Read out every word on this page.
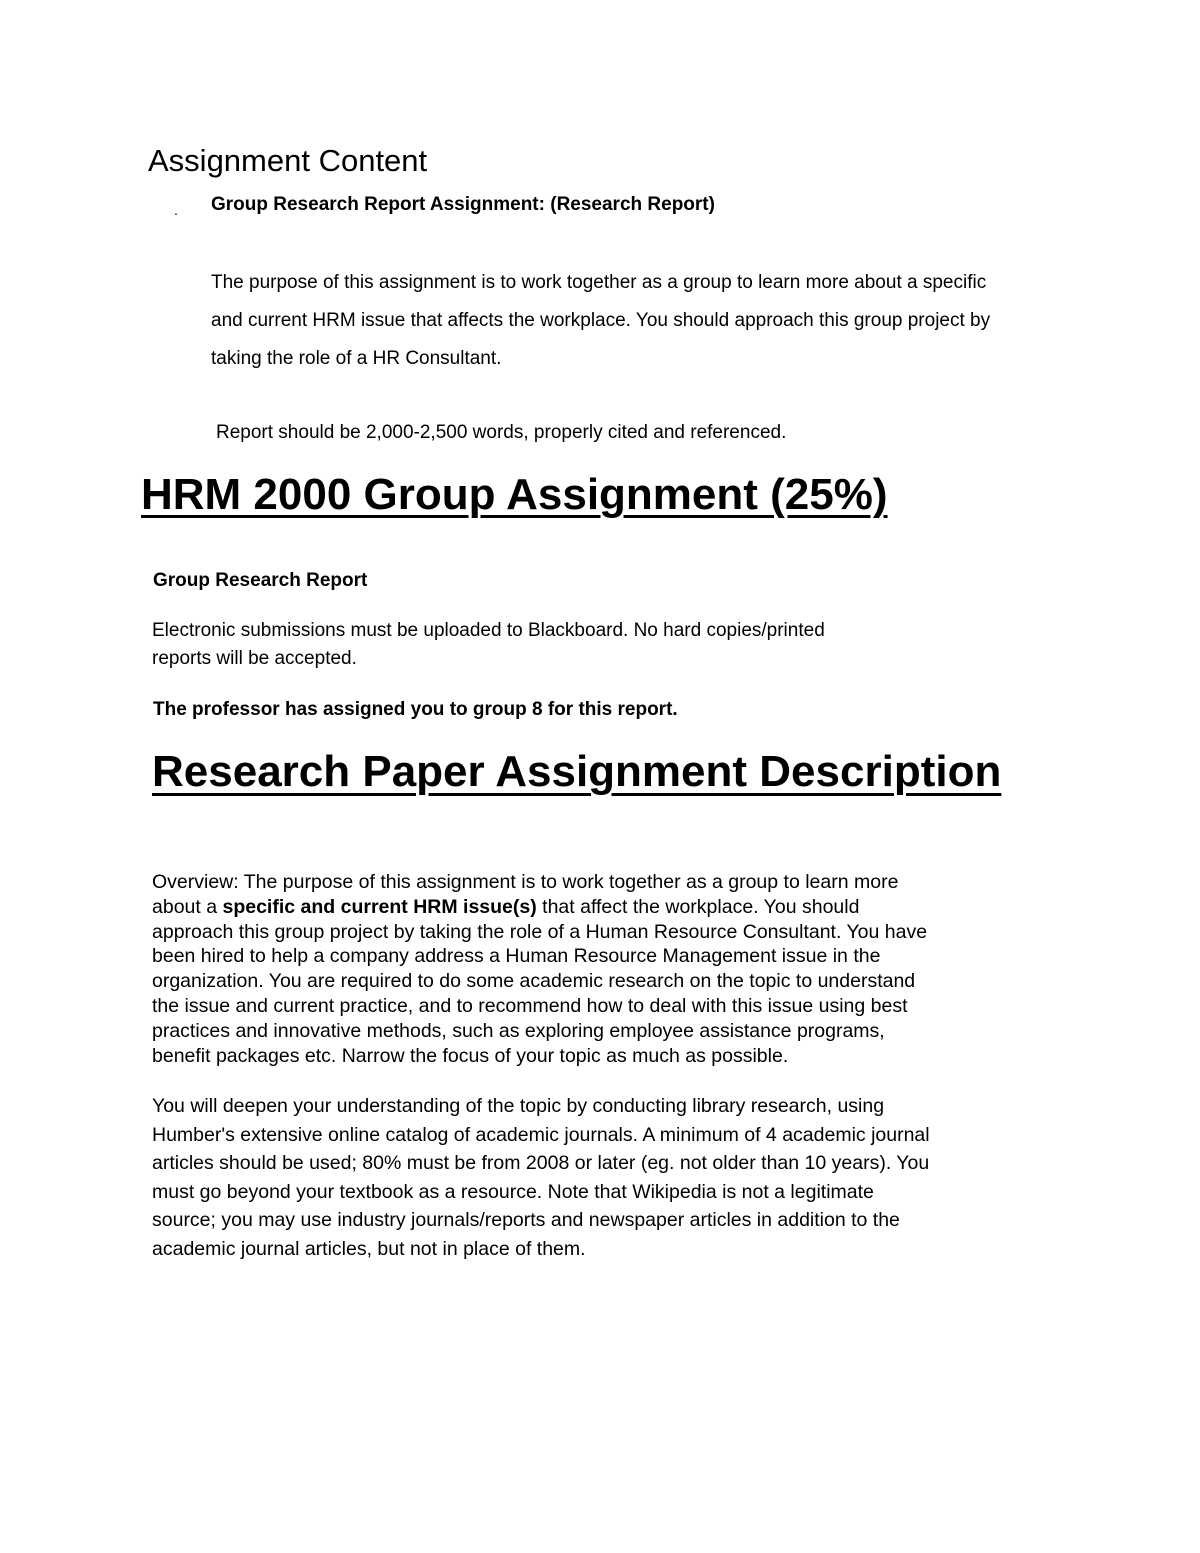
Assignment Content
. Group Research Report Assignment: (Research Report)
The purpose of this assignment is to work together as a group to learn more about a specific
and current HRM issue that affects the workplace. You should approach this group project by
taking the role of a HR Consultant.
Report should be 2,000-2,500 words, properly cited and referenced.
HRM 2000 Group Assignment (25%)
Group Research Report
Electronic submissions must be uploaded to Blackboard. No hard copies/printed
reports will be accepted.
The professor has assigned you to group 8 for this report.
Research Paper Assignment Description
Overview: The purpose of this assignment is to work together as a group to learn more
about a specific and current HRM issue(s) that affect the workplace. You should
approach this group project by taking the role of a Human Resource Consultant. You have
been hired to help a company address a Human Resource Management issue in the
organization. You are required to do some academic research on the topic to understand
the issue and current practice, and to recommend how to deal with this issue using best
practices and innovative methods, such as exploring employee assistance programs,
benefit packages etc. Narrow the focus of your topic as much as possible.
You will deepen your understanding of the topic by conducting library research, using
Humber's extensive online catalog of academic journals. A minimum of 4 academic journal
articles should be used; 80% must be from 2008 or later (eg. not older than 10 years). You
must go beyond your textbook as a resource. Note that Wikipedia is not a legitimate
source; you may use industry journals/reports and newspaper articles in addition to the
academic journal articles, but not in place of them.
